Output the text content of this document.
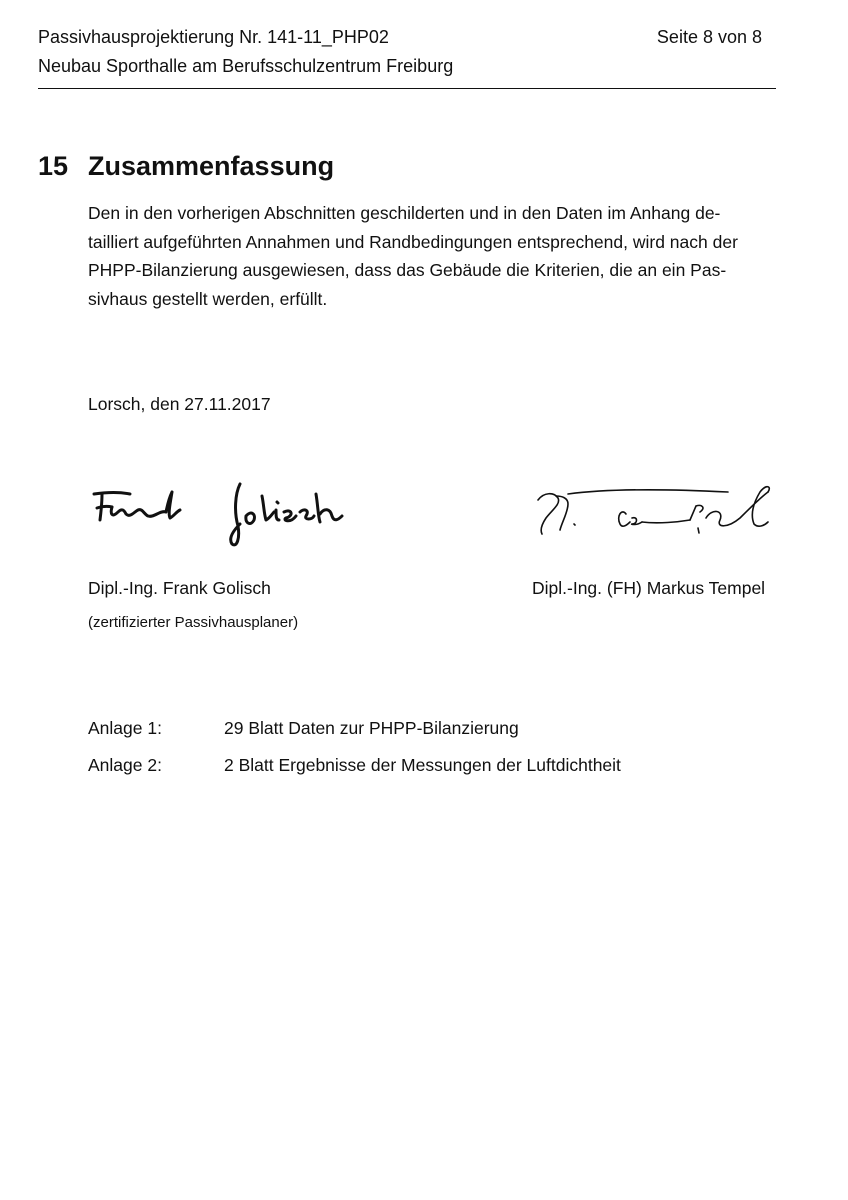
Passivhausprojektierung Nr. 141-11_PHP02	Seite 8 von 8
Neubau Sporthalle am Berufsschulzentrum Freiburg
15 Zusammenfassung
Den in den vorherigen Abschnitten geschilderten und in den Daten im Anhang de-
tailliert aufgeführten Annahmen und Randbedingungen entsprechend, wird nach der
PHPP-Bilanzierung ausgewiesen, dass das Gebäude die Kriterien, die an ein Pas-
sivhaus gestellt werden, erfüllt.
Lorsch, den 27.11.2017
Dipl.-Ing. Frank Golisch	Dipl.-Ing. (FH) Markus Tempel
(zertifizierter Passivhausplaner)
Anlage 1:	29 Blatt Daten zur PHPP-Bilanzierung
Anlage 2:	2 Blatt Ergebnisse der Messungen der Luftdichtheit
